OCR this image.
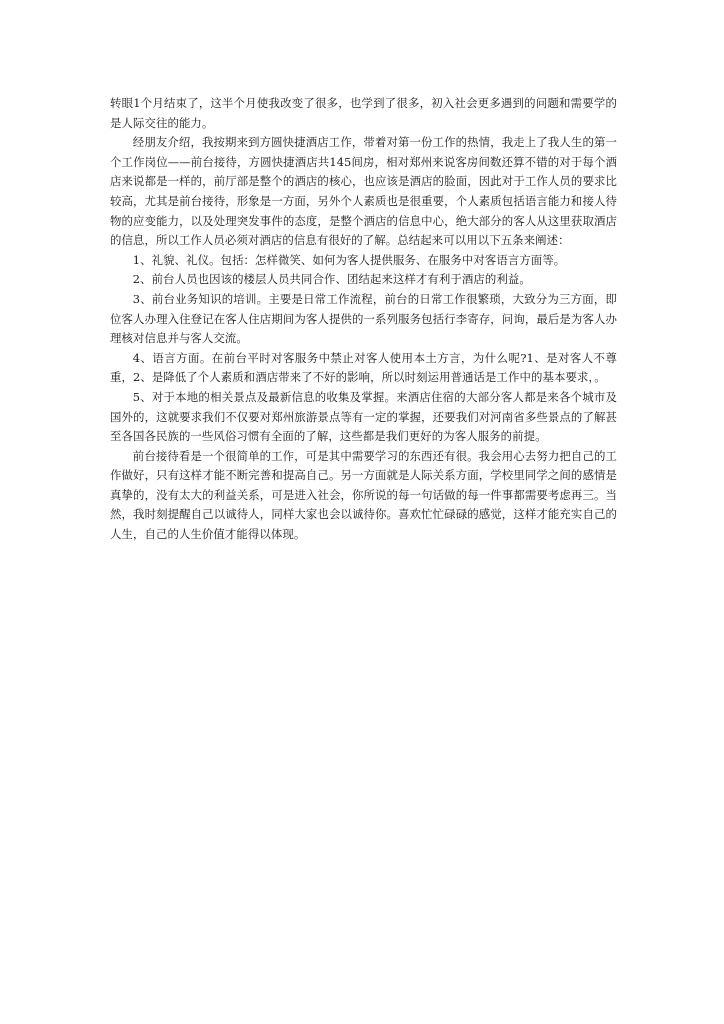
转眼1个月结束了，这半个月使我改变了很多，也学到了很多，初入社会更多遇到的问题和需要学的是人际交往的能力。

经朋友介绍，我按期来到方圆快捷酒店工作，带着对第一份工作的热情，我走上了我人生的第一个工作岗位——前台接待，方圆快捷酒店共145间房，相对郑州来说客房间数还算不错的对于每个酒店来说都是一样的，前厅部是整个的酒店的核心，也应该是酒店的脸面，因此对于工作人员的要求比较高，尤其是前台接待，形象是一方面，另外个人素质也是很重要，个人素质包括语言能力和接人待物的应变能力，以及处理突发事件的态度，是整个酒店的信息中心，绝大部分的客人从这里获取酒店的信息，所以工作人员必须对酒店的信息有很好的了解。总结起来可以用以下五条来阐述：

1、礼貌、礼仪。包括：怎样微笑、如何为客人提供服务、在服务中对客语言方面等。

2、前台人员也因该的楼层人员共同合作、团结起来这样才有利于酒店的利益。

3、前台业务知识的培训。主要是日常工作流程，前台的日常工作很繁琐，大致分为三方面，即位客人办理入住登记在客人住店期间为客人提供的一系列服务包括行李寄存，问询，最后是为客人办理核对信息并与客人交流。

4、语言方面。在前台平时对客服务中禁止对客人使用本土方言，为什么呢?1、是对客人不尊重，2、是降低了个人素质和酒店带来了不好的影响，所以时刻运用普通话是工作中的基本要求，。

5、对于本地的相关景点及最新信息的收集及掌握。来酒店住宿的大部分客人都是来各个城市及国外的，这就要求我们不仅要对郑州旅游景点等有一定的掌握，还要我们对河南省多些景点的了解甚至各国各民族的一些风俗习惯有全面的了解，这些都是我们更好的为客人服务的前提。

前台接待看是一个很简单的工作，可是其中需要学习的东西还有很。我会用心去努力把自己的工作做好，只有这样才能不断完善和提高自己。另一方面就是人际关系方面，学校里同学之间的感情是真挚的，没有太大的利益关系，可是进入社会，你所说的每一句话做的每一件事都需要考虑再三。当然，我时刻提醒自己以诚待人，同样大家也会以诚待你。喜欢忙忙碌碌的感觉，这样才能充实自己的人生，自己的人生价值才能得以体现。
